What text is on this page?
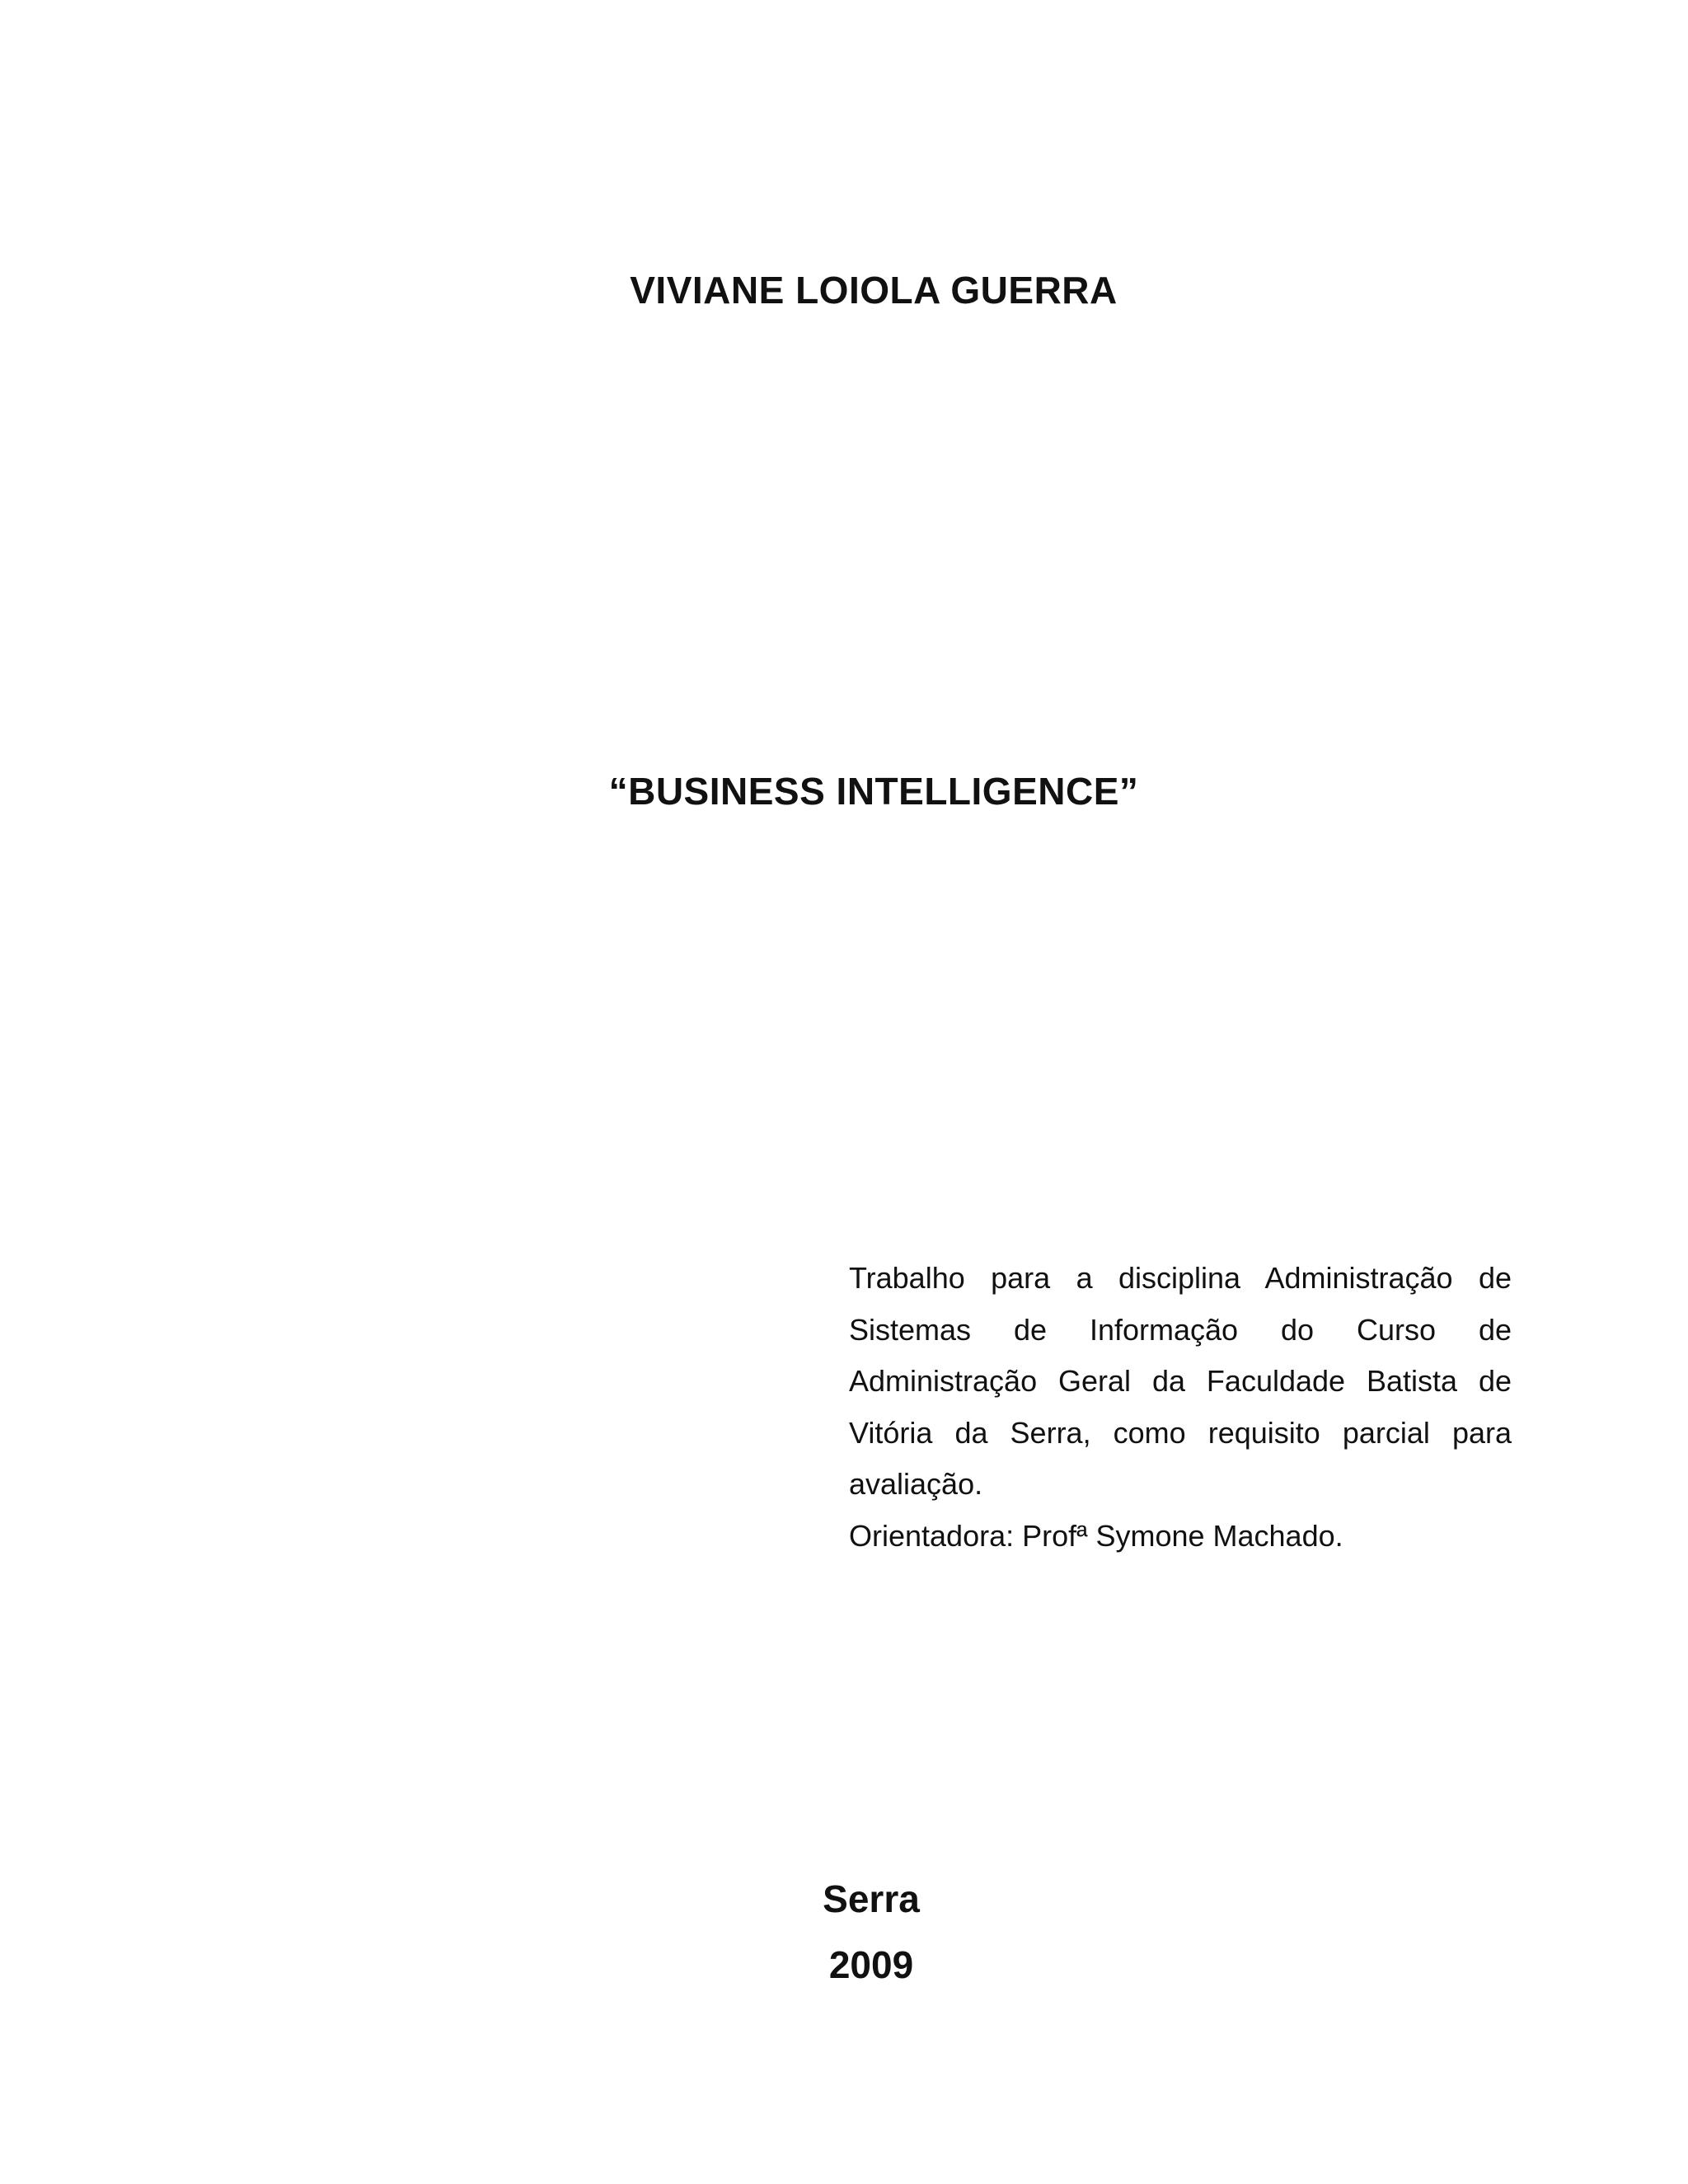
VIVIANE LOIOLA GUERRA
“BUSINESS INTELLIGENCE”

Trabalho para a disciplina Administração de Sistemas de Informação do Curso de Administração Geral da Faculdade Batista de Vitória da Serra, como requisito parcial para avaliação.

Orientadora: Profª Symone Machado.

Serra
2009
